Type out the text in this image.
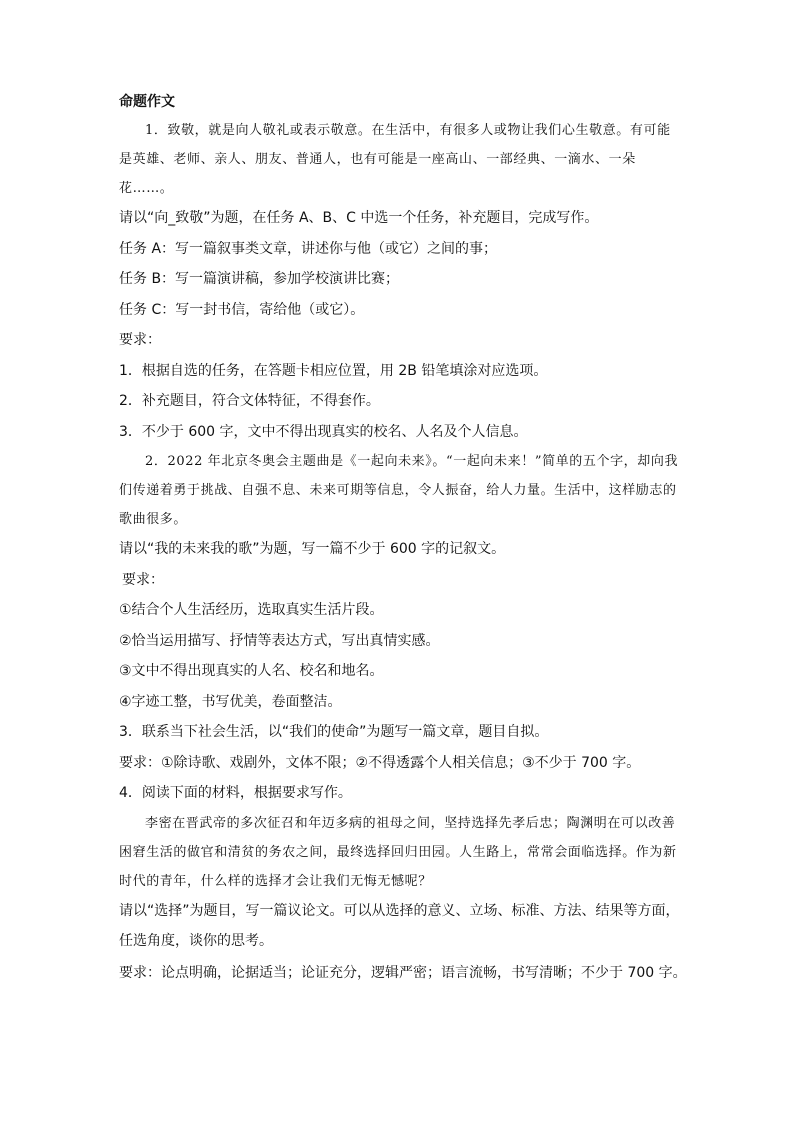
命题作文
1．致敬，就是向人敬礼或表示敬意。在生活中，有很多人或物让我们心生敬意。有可能是英雄、老师、亲人、朋友、普通人，也有可能是一座高山、一部经典、一滴水、一朵花……。
请以“向_致敬”为题，在任务 A、B、C 中选一个任务，补充题目，完成写作。
任务 A：写一篇叙事类文章，讲述你与他（或它）之间的事；
任务 B：写一篇演讲稿，参加学校演讲比赛；
任务 C：写一封书信，寄给他（或它）。
要求：
1．根据自选的任务，在答题卡相应位置，用 2B 铅笔填涂对应选项。
2．补充题目，符合文体特征，不得套作。
3．不少于 600 字，文中不得出现真实的校名、人名及个人信息。
2．2022 年北京冬奥会主题曲是《一起向未来》。“一起向未来！”简单的五个字，却向我们传递着勇于挑战、自强不息、未来可期等信息，令人振奋，给人力量。生活中，这样励志的歌曲很多。
请以“我的未来我的歌”为题，写一篇不少于 600 字的记叙文。
要求：
①结合个人生活经历，选取真实生活片段。
②恰当运用描写、抒情等表达方式，写出真情实感。
③文中不得出现真实的人名、校名和地名。
④字迹工整，书写优美，卷面整洁。
3．联系当下社会生活，以“我们的使命”为题写一篇文章，题目自拟。
要求：①除诗歌、戏剧外，文体不限；②不得透露个人相关信息；③不少于 700 字。
4．阅读下面的材料，根据要求写作。
李密在晋武帝的多次征召和年迈多病的祖母之间，坚持选择先孝后忠；陶渊明在可以改善困窘生活的做官和清贫的务农之间，最终选择回归田园。人生路上，常常会面临选择。作为新时代的青年，什么样的选择才会让我们无悔无憾呢？
请以“选择”为题目，写一篇议论文。可以从选择的意义、立场、标准、方法、结果等方面，任选角度，谈你的思考。
要求：论点明确，论据适当；论证充分，逻辑严密；语言流畅，书写清晰；不少于 700 字。
